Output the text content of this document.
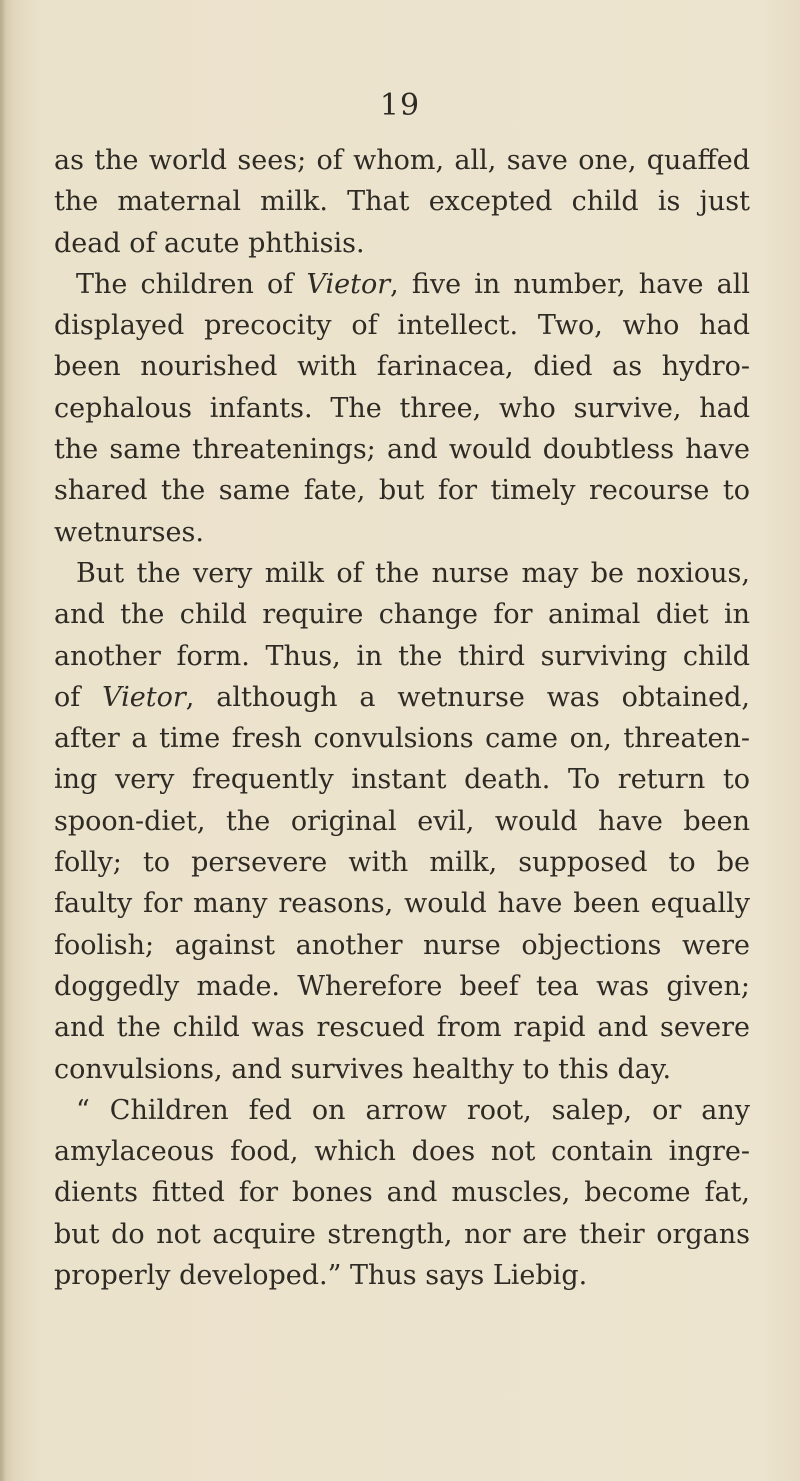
19
as the world sees; of whom, all, save one, quaffed
the maternal milk. That excepted child is just
dead of acute phthisis.
The children of Vietor, five in number, have all
displayed precocity of intellect. Two, who had
been nourished with farinacea, died as hydro-
cephalous infants. The three, who survive, had
the same threatenings; and would doubtless have
shared the same fate, but for timely recourse to
wetnurses.
But the very milk of the nurse may be noxious,
and the child require change for animal diet in
another form. Thus, in the third surviving child
of Vietor, although a wetnurse was obtained,
after a time fresh convulsions came on, threaten-
ing very frequently instant death. To return to
spoon-diet, the original evil, would have been
folly; to persevere with milk, supposed to be
faulty for many reasons, would have been equally
foolish; against another nurse objections were
doggedly made. Wherefore beef tea was given;
and the child was rescued from rapid and severe
convulsions, and survives healthy to this day.
“ Children fed on arrow root, salep, or any
amylaceous food, which does not contain ingre-
dients fitted for bones and muscles, become fat,
but do not acquire strength, nor are their organs
properly developed.” Thus says Liebig.
